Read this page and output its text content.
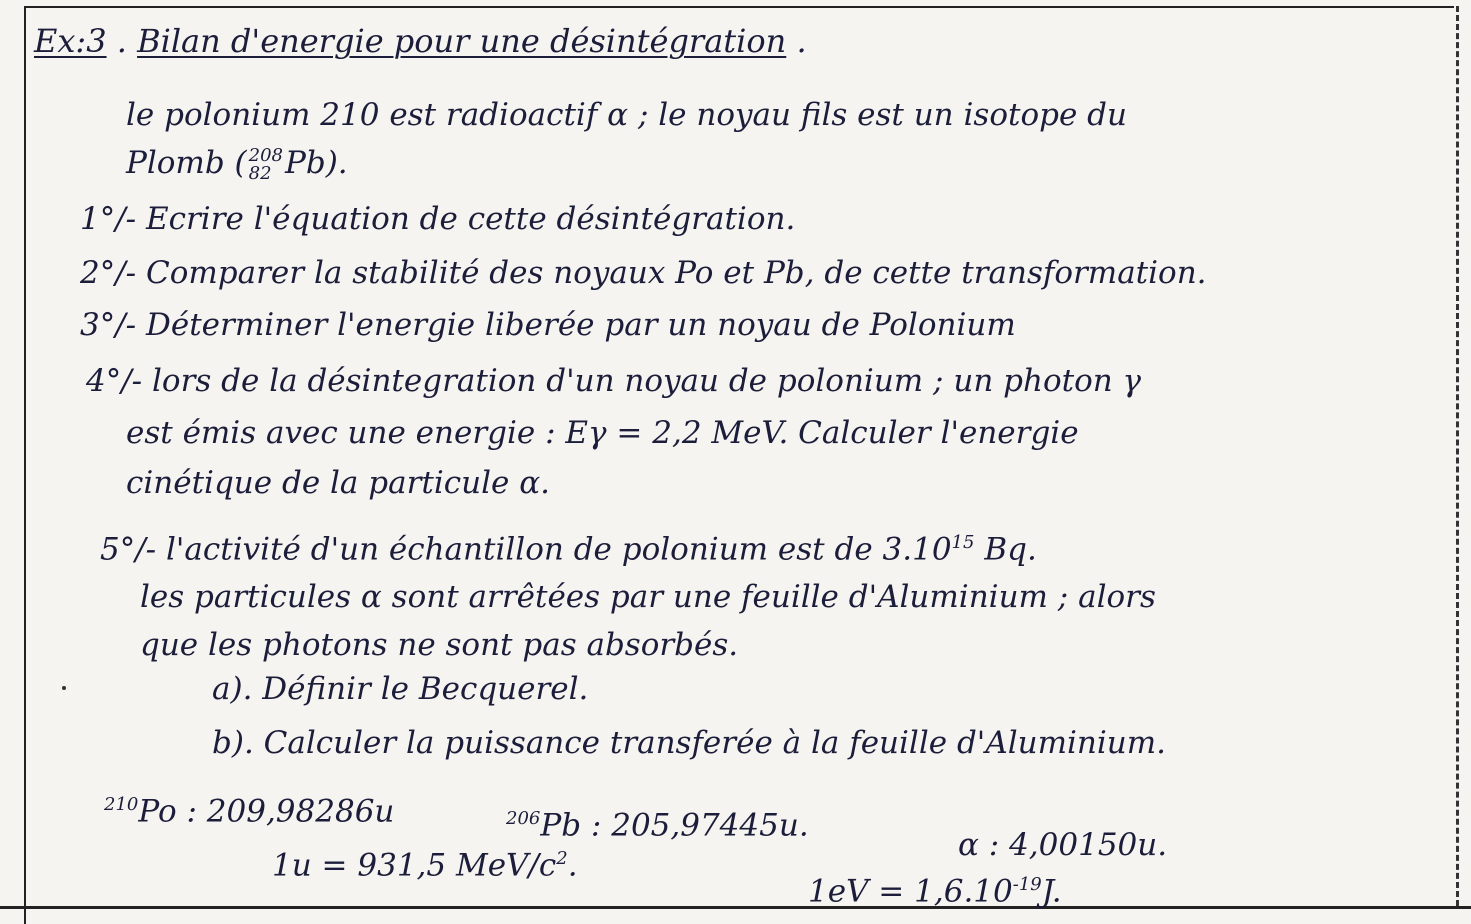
Ex:3 . Bilan d'energie pour une désintégration .
le polonium 210 est radioactif α ; le noyau fils est un isotope du
Plomb ( 208
82 Pb).
1°/- Ecrire l'équation de cette désintégration.
2°/- Comparer la stabilité des noyaux Po et Pb, de cette transformation.
3°/- Déterminer l'energie liberée par un noyau de Polonium
4°/- lors de la désintegration d'un noyau de polonium ; un photon γ
est émis avec une energie : Eγ = 2,2 MeV. Calculer l'energie
cinétique de la particule α.
5°/- l'activité d'un échantillon de polonium est de 3.10$^{15}$ Bq.
les particules α sont arrêtées par une feuille d'Aluminium ; alors
que les photons ne sont pas absorbés.
a). Définir le Becquerel.
b). Calculer la puissance transferée à la feuille d'Aluminium.
$^{210}$Po : 209,98286u	$^{206}$Pb : 205,97445u.
α : 4,00150u.
1u = 931,5 MeV/$c^2$.
$1eV = 1,6.10^{-19}J$.
